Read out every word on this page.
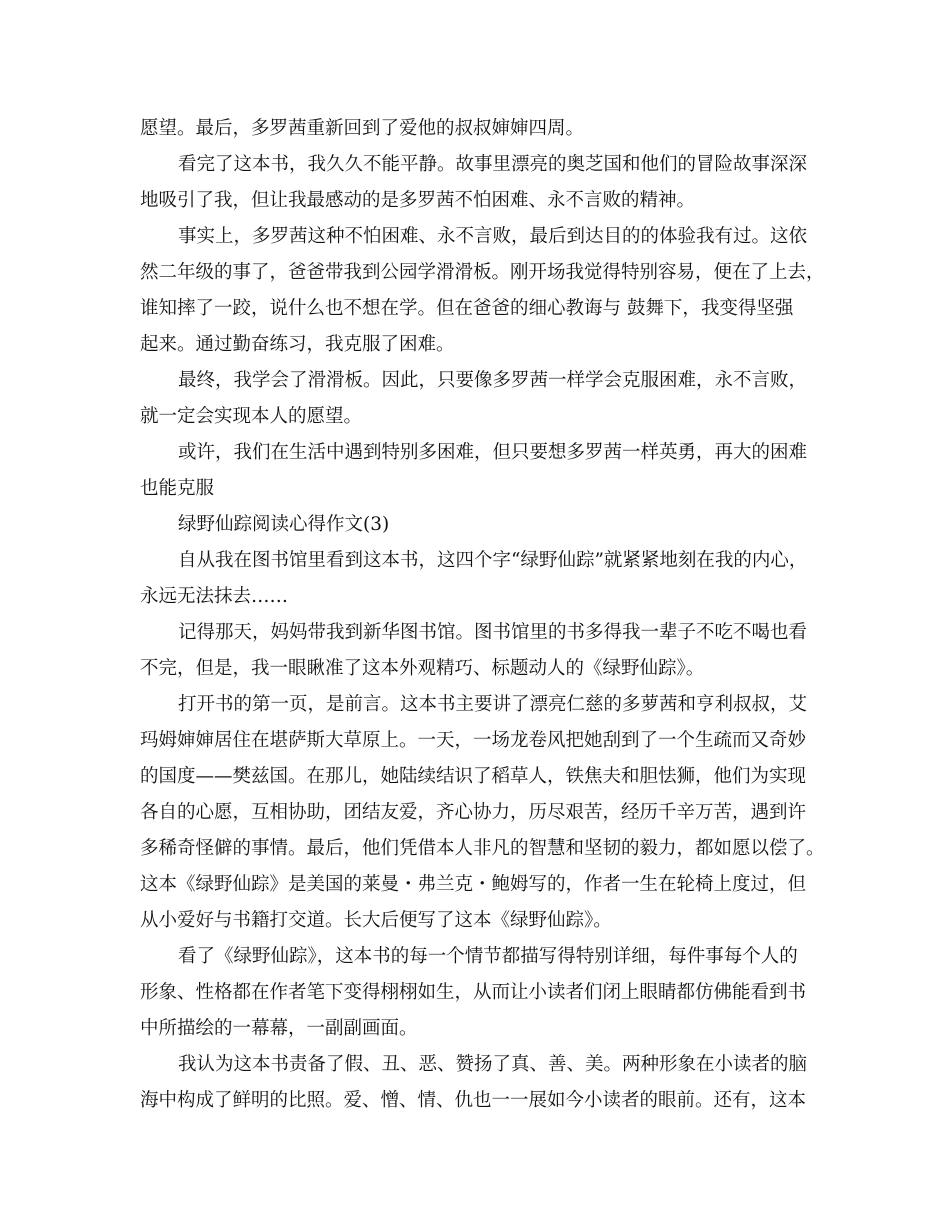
愿望。最后，多罗茜重新回到了爱他的叔叔婶婶四周。
看完了这本书，我久久不能平静。故事里漂亮的奥芝国和他们的冒险故事深深
地吸引了我，但让我最感动的是多罗茜不怕困难、永不言败的精神。
事实上，多罗茜这种不怕困难、永不言败，最后到达目的的体验我有过。这依
然二年级的事了，爸爸带我到公园学滑滑板。刚开场我觉得特别容易，便在了上去，
谁知摔了一跤，说什么也不想在学。但在爸爸的细心教诲与 鼓舞下，我变得坚强
起来。通过勤奋练习，我克服了困难。
最终，我学会了滑滑板。因此，只要像多罗茜一样学会克服困难，永不言败，
就一定会实现本人的愿望。
或许，我们在生活中遇到特别多困难，但只要想多罗茜一样英勇，再大的困难
也能克服
绿野仙踪阅读心得作文(3)
自从我在图书馆里看到这本书，这四个字“绿野仙踪”就紧紧地刻在我的内心，
永远无法抹去……
记得那天，妈妈带我到新华图书馆。图书馆里的书多得我一辈子不吃不喝也看
不完，但是，我一眼瞅准了这本外观精巧、标题动人的《绿野仙踪》。
打开书的第一页，是前言。这本书主要讲了漂亮仁慈的多萝茜和亨利叔叔，艾
玛姆婶婶居住在堪萨斯大草原上。一天，一场龙卷风把她刮到了一个生疏而又奇妙
的国度——樊兹国。在那儿，她陆续结识了稻草人，铁焦夫和胆怯狮，他们为实现
各自的心愿，互相协助，团结友爱，齐心协力，历尽艰苦，经历千辛万苦，遇到许
多稀奇怪僻的事情。最后，他们凭借本人非凡的智慧和坚韧的毅力，都如愿以偿了。
这本《绿野仙踪》是美国的莱曼・弗兰克・鲍姆写的，作者一生在轮椅上度过，但
从小爱好与书籍打交道。长大后便写了这本《绿野仙踪》。
看了《绿野仙踪》，这本书的每一个情节都描写得特别详细，每件事每个人的
形象、性格都在作者笔下变得栩栩如生，从而让小读者们闭上眼睛都仿佛能看到书
中所描绘的一幕幕，一副副画面。
我认为这本书责备了假、丑、恶、赞扬了真、善、美。两种形象在小读者的脑
海中构成了鲜明的比照。爱、憎、情、仇也一一展如今小读者的眼前。还有，这本
